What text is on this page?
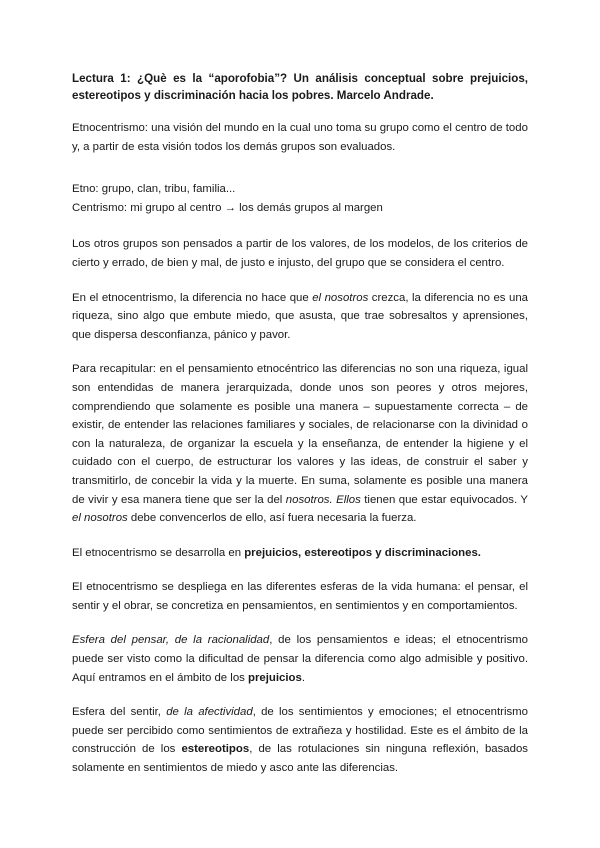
Lectura 1: ¿Què es la “aporofobia”? Un análisis conceptual sobre prejuicios, estereotipos y discriminación hacia los pobres. Marcelo Andrade.

Etnocentrismo: una visión del mundo en la cual uno toma su grupo como el centro de todo y, a partir de esta visión todos los demás grupos son evaluados.

Etno: grupo, clan, tribu, familia...

Centrismo: mi grupo al centro → los demás grupos al margen

Los otros grupos son pensados a partir de los valores, de los modelos, de los criterios de cierto y errado, de bien y mal, de justo e injusto, del grupo que se considera el centro.

En el etnocentrismo, la diferencia no hace que el nosotros crezca, la diferencia no es una riqueza, sino algo que embute miedo, que asusta, que trae sobresaltos y aprensiones, que dispersa desconfianza, pánico y pavor.

Para recapitular: en el pensamiento etnocéntrico las diferencias no son una riqueza, igual son entendidas de manera jerarquizada, donde unos son peores y otros mejores, comprendiendo que solamente es posible una manera – supuestamente correcta – de existir, de entender las relaciones familiares y sociales, de relacionarse con la divinidad o con la naturaleza, de organizar la escuela y la enseñanza, de entender la higiene y el cuidado con el cuerpo, de estructurar los valores y las ideas, de construir el saber y transmitirlo, de concebir la vida y la muerte. En suma, solamente es posible una manera de vivir y esa manera tiene que ser la del nosotros. Ellos tienen que estar equivocados. Y el nosotros debe convencerlos de ello, así fuera necesaria la fuerza.

El etnocentrismo se desarrolla en prejuicios, estereotipos y discriminaciones.

El etnocentrismo se despliega en las diferentes esferas de la vida humana: el pensar, el sentir y el obrar, se concretiza en pensamientos, en sentimientos y en comportamientos.

Esfera del pensar, de la racionalidad, de los pensamientos e ideas; el etnocentrismo puede ser visto como la dificultad de pensar la diferencia como algo admisible y positivo. Aquí entramos en el ámbito de los prejuicios.

Esfera del sentir, de la afectividad, de los sentimientos y emociones; el etnocentrismo puede ser percibido como sentimientos de extrañeza y hostilidad. Este es el ámbito de la construcción de los estereotipos, de las rotulaciones sin ninguna reflexión, basados solamente en sentimientos de miedo y asco ante las diferencias.
